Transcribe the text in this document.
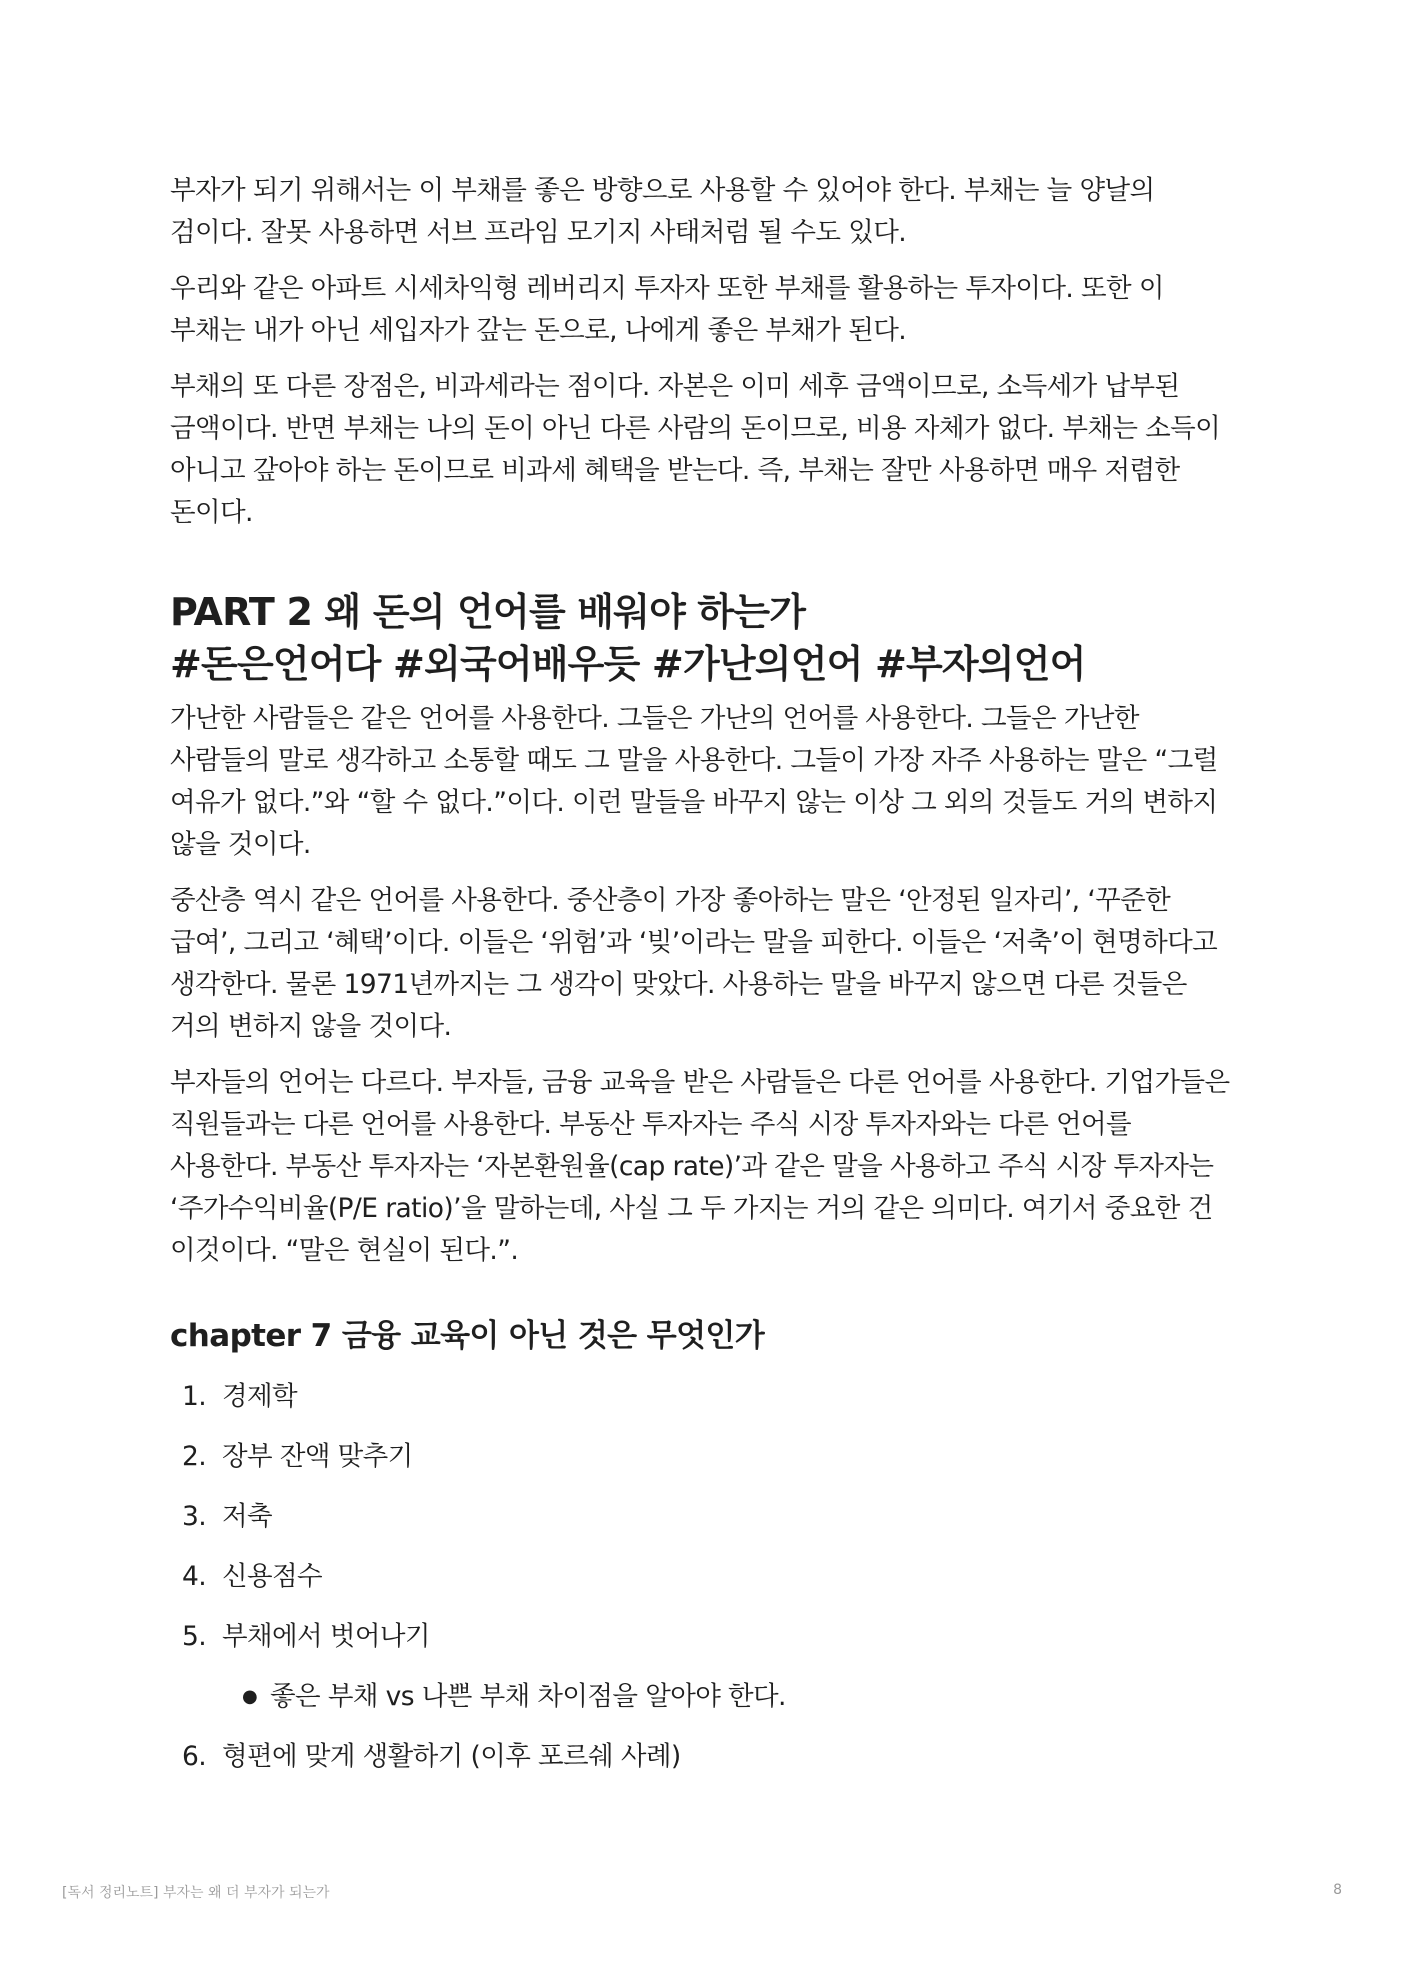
부자가 되기 위해서는 이 부채를 좋은 방향으로 사용할 수 있어야 한다. 부채는 늘 양날의 검이다. 잘못 사용하면 서브 프라임 모기지 사태처럼 될 수도 있다.

우리와 같은 아파트 시세차익형 레버리지 투자자 또한 부채를 활용하는 투자이다. 또한 이 부채는 내가 아닌 세입자가 갚는 돈으로, 나에게 좋은 부채가 된다.

부채의 또 다른 장점은, 비과세라는 점이다. 자본은 이미 세후 금액이므로, 소득세가 납부된 금액이다. 반면 부채는 나의 돈이 아닌 다른 사람의 돈이므로, 비용 자체가 없다. 부채는 소득이 아니고 갚아야 하는 돈이므로 비과세 혜택을 받는다. 즉, 부채는 잘만 사용하면 매우 저렴한 돈이다.

PART 2 왜 돈의 언어를 배워야 하는가
#돈은언어다 #외국어배우듯 #가난의언어 #부자의언어

가난한 사람들은 같은 언어를 사용한다. 그들은 가난의 언어를 사용한다. 그들은 가난한 사람들의 말로 생각하고 소통할 때도 그 말을 사용한다. 그들이 가장 자주 사용하는 말은 “그럴 여유가 없다.”와 “할 수 없다.”이다. 이런 말들을 바꾸지 않는 이상 그 외의 것들도 거의 변하지 않을 것이다.

중산층 역시 같은 언어를 사용한다. 중산층이 가장 좋아하는 말은 ‘안정된 일자리’, ‘꾸준한 급여’, 그리고 ‘혜택’이다. 이들은 ‘위험’과 ‘빚’이라는 말을 피한다. 이들은 ‘저축’이 현명하다고 생각한다. 물론 1971년까지는 그 생각이 맞았다. 사용하는 말을 바꾸지 않으면 다른 것들은 거의 변하지 않을 것이다.

부자들의 언어는 다르다. 부자들, 금융 교육을 받은 사람들은 다른 언어를 사용한다. 기업가들은 직원들과는 다른 언어를 사용한다. 부동산 투자자는 주식 시장 투자자와는 다른 언어를 사용한다. 부동산 투자자는 ‘자본환원율(cap rate)’과 같은 말을 사용하고 주식 시장 투자자는 ‘주가수익비율(P/E ratio)’을 말하는데, 사실 그 두 가지는 거의 같은 의미다. 여기서 중요한 건 이것이다. “말은 현실이 된다.”.

chapter 7 금융 교육이 아닌 것은 무엇인가
1. 경제학
2. 장부 잔액 맞추기
3. 저축
4. 신용점수
5. 부채에서 벗어나기
● 좋은 부채 vs 나쁜 부채 차이점을 알아야 한다.
6. 형편에 맞게 생활하기 (이후 포르쉐 사례)
[독서 정리노트] 부자는 왜 더 부자가 되는가	8
